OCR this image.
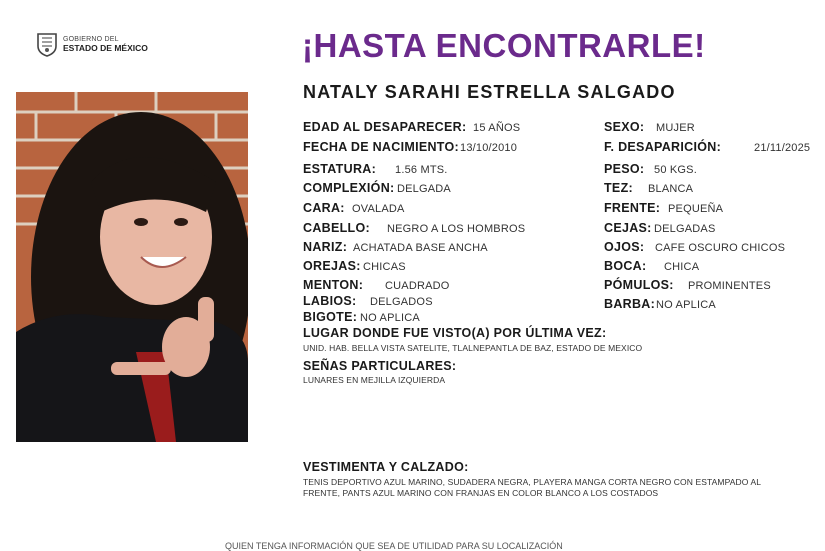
GOBIERNO DEL
ESTADO DE MÉXICO	¡HASTA ENCONTRARLE!
NATALY SARAHI ESTRELLA SALGADO
EDAD AL DESAPARECER: 15 AÑOS
FECHA DE NACIMIENTO: 13/10/2010
ESTATURA: 1.56 MTS.
COMPLEXIÓN: DELGADA
CARA: OVALADA
CABELLO: NEGRO A LOS HOMBROS
NARIZ: ACHATADA BASE ANCHA
OREJAS: CHICAS
MENTON: CUADRADO
LABIOS: DELGADOS
BIGOTE: NO APLICA
SEXO: MUJER
F. DESAPARICIÓN:	21/11/2025
PESO: 50 KGS.
TEZ: BLANCA
FRENTE: PEQUEÑA
CEJAS: DELGADAS
OJOS: CAFE OSCURO CHICOS
BOCA: CHICA
PÓMULOS: PROMINENTES
BARBA: NO APLICA
LUGAR DONDE FUE VISTO(A) POR ÚLTIMA VEZ:
UNID. HAB. BELLA VISTA SATELITE, TLALNEPANTLA DE BAZ, ESTADO DE MEXICO
SEÑAS PARTICULARES:
LUNARES EN MEJILLA IZQUIERDA
VESTIMENTA Y CALZADO:
TENIS DEPORTIVO AZUL MARINO, SUDADERA NEGRA, PLAYERA MANGA CORTA NEGRO CON ESTAMPADO AL
FRENTE, PANTS AZUL MARINO CON FRANJAS EN COLOR BLANCO A LOS COSTADOS
QUIEN TENGA INFORMACIÓN QUE SEA DE UTILIDAD PARA SU LOCALIZACIÓN
